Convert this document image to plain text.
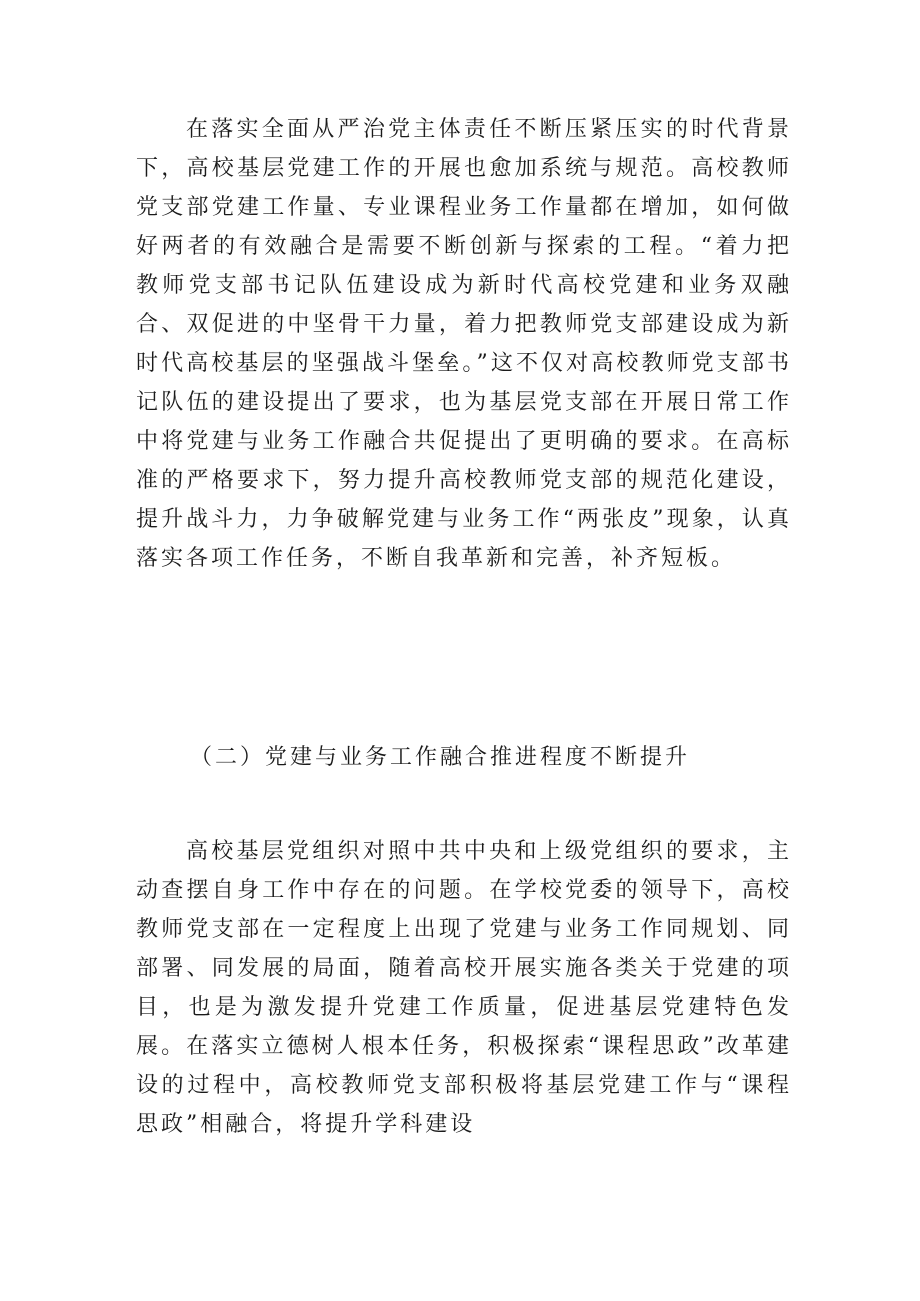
在落实全面从严治党主体责任不断压紧压实的时代背景下，高校基层党建工作的开展也愈加系统与规范。高校教师党支部党建工作量、专业课程业务工作量都在增加，如何做好两者的有效融合是需要不断创新与探索的工程。“着力把教师党支部书记队伍建设成为新时代高校党建和业务双融合、双促进的中坚骨干力量，着力把教师党支部建设成为新时代高校基层的坚强战斗堡垒。”这不仅对高校教师党支部书记队伍的建设提出了要求，也为基层党支部在开展日常工作中将党建与业务工作融合共促提出了更明确的要求。在高标准的严格要求下，努力提升高校教师党支部的规范化建设，提升战斗力，力争破解党建与业务工作“两张皮”现象，认真落实各项工作任务，不断自我革新和完善，补齐短板。

（二）党建与业务工作融合推进程度不断提升

高校基层党组织对照中共中央和上级党组织的要求，主动查摆自身工作中存在的问题。在学校党委的领导下，高校教师党支部在一定程度上出现了党建与业务工作同规划、同部署、同发展的局面，随着高校开展实施各类关于党建的项目，也是为激发提升党建工作质量，促进基层党建特色发展。在落实立德树人根本任务，积极探索“课程思政”改革建设的过程中，高校教师党支部积极将基层党建工作与“课程思政”相融合，将提升学科建设
